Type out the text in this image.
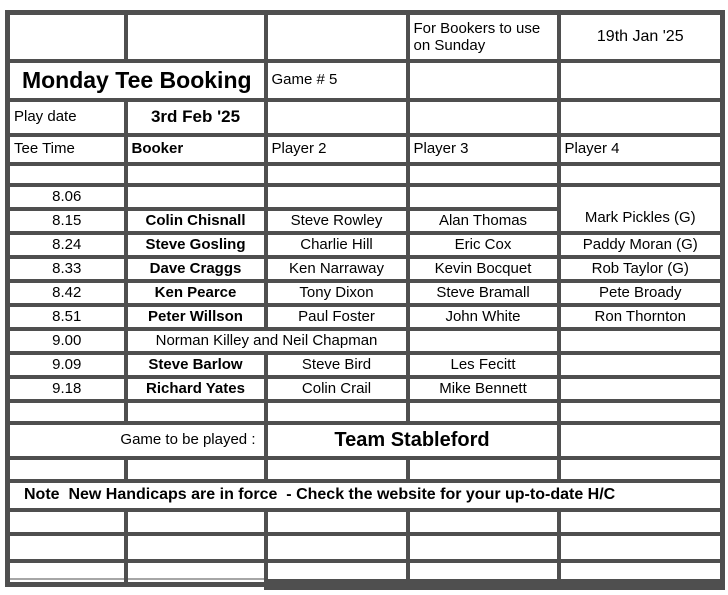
			For Bookers to use on Sunday	19th Jan '25
Monday Tee Booking		Game # 5		
Play date	3rd Feb '25			
Tee Time	Booker	Player 2	Player 3	Player 4

8.06				Mark Pickles (G)
8.15	Colin Chisnall	Steve Rowley	Alan Thomas	
8.24	Steve Gosling	Charlie Hill	Eric Cox	Paddy Moran (G)
8.33	Dave Craggs	Ken Narraway	Kevin Bocquet	Rob Taylor (G)
8.42	Ken Pearce	Tony Dixon	Steve Bramall	Pete Broady
8.51	Peter Willson	Paul Foster	John White	Ron Thornton
9.00	Norman Killey and Neil Chapman			
9.09	Steve Barlow	Steve Bird	Les Fecitt	
9.18	Richard Yates	Colin Crail	Mike Bennett	

Game to be played :		Team Stableford		

Note  New Handicaps are in force  - Check the website for your up-to-date H/C				
